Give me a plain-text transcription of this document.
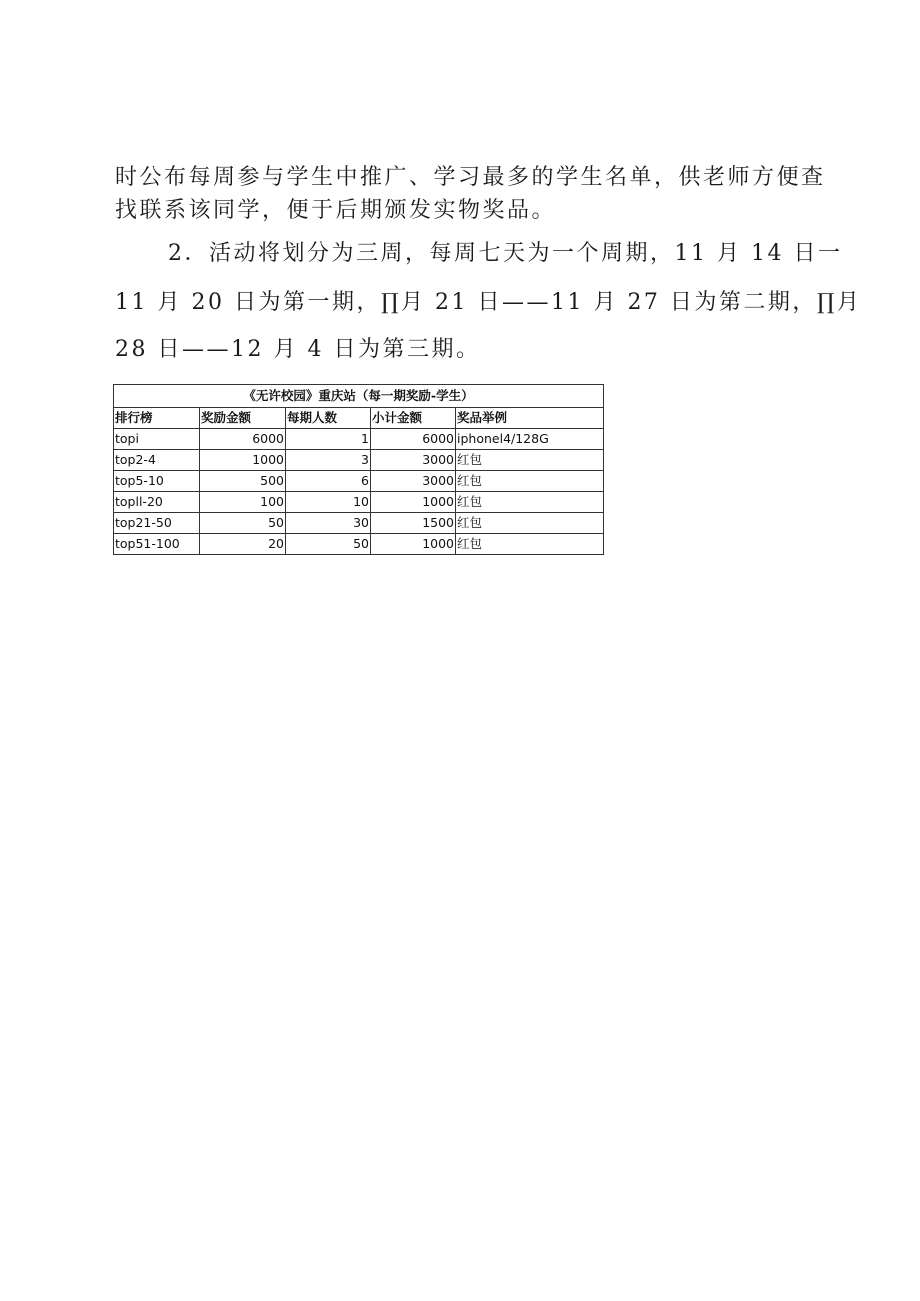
时公布每周参与学生中推广、学习最多的学生名单，供老师方便查
找联系该同学，便于后期颁发实物奖品。
2．活动将划分为三周，每周七天为一个周期，11 月 14 日一
11 月 20 日为第一期，∏月 21 日——11 月 27 日为第二期，∏月
28 日——12 月 4 日为第三期。
《无许校园》重庆站（每一期奖励-学生）				
排行榜	奖励金额	每期人数	小计金额	奖品举例
topi	6000	1	6000	iphonel4/128G
top2-4	1000	3	3000	红包
top5-10	500	6	3000	红包
topll-20	100	10	1000	红包
top21-50	50	30	1500	红包
top51-100	20	50	1000	红包
